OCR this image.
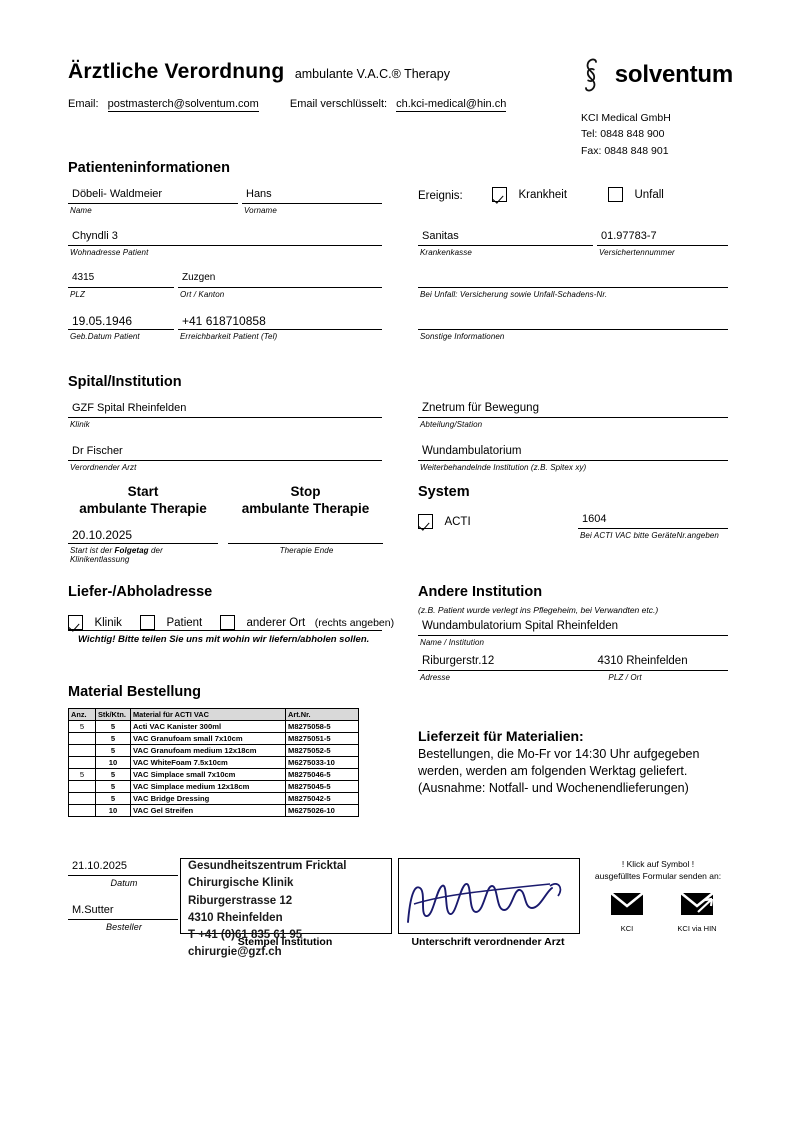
Ärztliche Verordnung ambulante V.A.C.® Therapy	solventum
Email: postmasterch@solventum.com	Email verschlüsselt: ch.kci-medical@hin.ch
KCI Medical GmbH
Tel: 0848 848 900
Fax: 0848 848 901
Patienteninformationen
Döbeli- Waldmeier
Name
Hans
Vorname
Chyndli 3
Wohnadresse Patient
4315
PLZ
Zuzgen
Ort / Kanton
19.05.1946
Geb.Datum Patient
+41 618710858
Erreichbarkeit Patient (Tel)
Ereignis:	Krankheit	Unfall
Sanitas
Krankenkasse
01.97783-7
Versichertennummer
Bei Unfall: Versicherung sowie Unfall-Schadens-Nr.
Sonstige Informationen
Spital/Institution
GZF Spital Rheinfelden
Klinik
Znetrum für Bewegung
Abteilung/Station
Dr Fischer
Verordnender Arzt
Wundambulatorium
Weiterbehandelnde Institution (z.B. Spitex xy)
Start
ambulante Therapie
Stop
ambulante Therapie
20.10.2025
Start ist der Folgetag der Klinikentlassung
Therapie Ende
System
ACTI	1604
Bei ACTI VAC bitte GeräteNr.angeben
Liefer-/Abholadresse
Klinik	Patient	anderer Ort (rechts angeben)
Wichtig! Bitte teilen Sie uns mit wohin wir liefern/abholen sollen.
Andere Institution
(z.B. Patient wurde verlegt ins Pflegeheim, bei Verwandten etc.)
Wundambulatorium Spital Rheinfelden
Name / Institution
Riburgerstr.12	4310 Rheinfelden
Adresse	PLZ / Ort
Material Bestellung
Anz.	Stk/Ktn.	Material für ACTI VAC	Art.Nr.
5	5	Acti VAC Kanister 300ml	M8275058-5
	5	VAC Granufoam small 7x10cm	M8275051-5
	5	VAC Granufoam medium 12x18cm	M8275052-5
	10	VAC WhiteFoam 7.5x10cm	M6275033-10
5	5	VAC Simplace small 7x10cm	M8275046-5
	5	VAC Simplace medium 12x18cm	M8275045-5
	5	VAC Bridge Dressing	M8275042-5
	10	VAC Gel Streifen	M6275026-10
Lieferzeit für Materialien:
Bestellungen, die Mo-Fr vor 14:30 Uhr aufgegeben
werden, werden am folgenden Werktag geliefert.
(Ausnahme: Notfall- und Wochenendlieferungen)
21.10.2025
Datum
M.Sutter
Besteller
Gesundheitszentrum Fricktal
Chirurgische Klinik
Riburgerstrasse 12
4310 Rheinfelden
T +41 (0)61 835 61 95
chirurgie@gzf.ch
Stempel Institution	Unterschrift verordnender Arzt
! Klick auf Symbol !
ausgefülltes Formular senden an:
KCI	KCI via HIN
